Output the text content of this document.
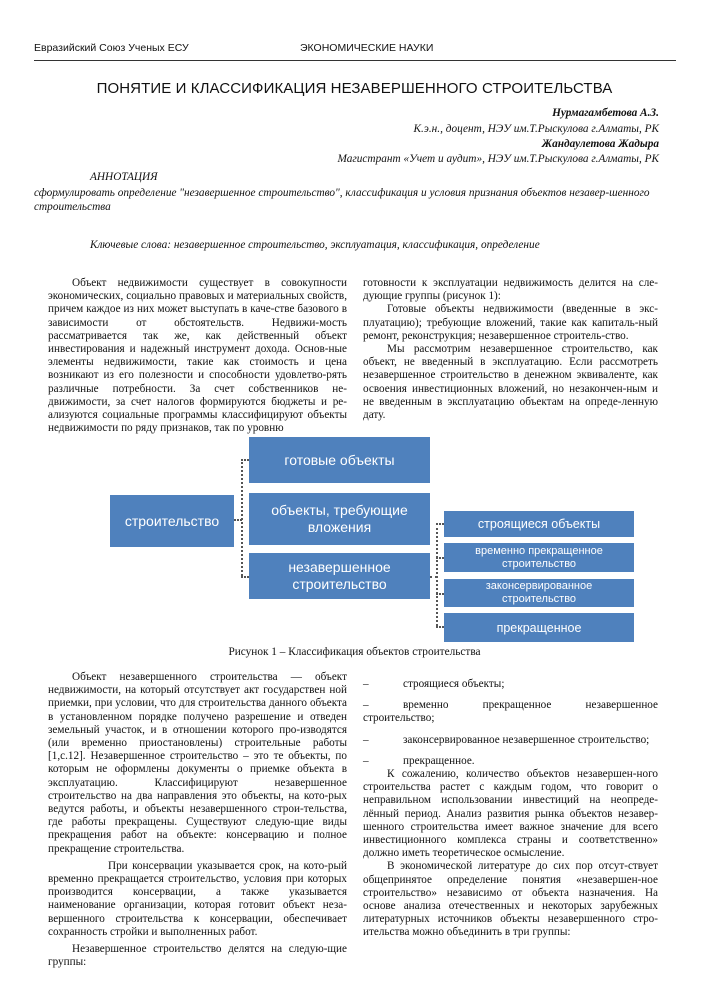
Евразийский Союз Ученых ЕСУ	ЭКОНОМИЧЕСКИЕ НАУКИ
ПОНЯТИЕ И КЛАССИФИКАЦИЯ НЕЗАВЕРШЕННОГО СТРОИТЕЛЬСТВА
Нурмагамбетова А.З.
К.э.н., доцент, НЭУ им.Т.Рыскулова г.Алматы, РК
Жандаулетова Жадыра
Магистрант «Учет и аудит», НЭУ им.Т.Рыскулова г.Алматы, РК
АННОТАЦИЯ
сформулировать определение "незавершенное строительство", классификация и условия признания объектов незавер-шенного строительства
Ключевые слова: незавершенное строительство, эксплуатация, классификация, определение

Объект недвижимости существует в совокупности экономических, социально правовых и материальных свойств, причем каждое из них может выступать в каче-стве базового в зависимости от обстоятельств. Недвижи-мость рассматривается так же, как действенный объект инвестирования и надежный инструмент дохода. Основ-ные элементы недвижимости, такие как стоимость и цена возникают из его полезности и способности удовлетво-рять различные потребности. За счет собственников не-движимости, за счет налогов формируются бюджеты и ре-ализуются социальные программы классифицируют объекты недвижимости по ряду признаков, так по уровню

готовности к эксплуатации недвижимость делится на сле-дующие группы (рисунок 1):

Готовые объекты недвижимости (введенные в экс-плуатацию); требующие вложений, такие как капиталь-ный ремонт, реконструкция; незавершенное строитель-ство.

Мы рассмотрим незавершенное строительство, как объект, не введенный в эксплуатацию. Если рассмотреть незавершенное строительство в денежном эквиваленте, как освоения инвестиционных вложений, но незакончен-ным и не введенным в эксплуатацию объектам на опреде-ленную дату.

строительство
готовые объекты
объекты, требующие вложения
незавершенное строительство
строящиеся объекты
временно прекращенное строительство
законсервированное строительство
прекращенное
Рисунок 1 – Классификация объектов строительства

Объект незавершенного строительства — объект недвижимости, на который отсутствует акт государствен ной приемки, при условии, что для строительства данного объекта в установленном порядке получено разрешение и отведен земельный участок, и в отношении которого про-изводятся (или временно приостановлены) строительные работы [1,с.12]. Незавершенное строительство – это те объекты, по которым не оформлены документы о приемке объекта в эксплуатацию. Классифицируют незавершенное строительство на два направления это объекты, на кото-рых ведутся работы, и объекты незавершенного строи-тельства, где работы прекращены. Существуют следую-щие виды прекращения работ на объекте: консервацию и полное прекращение строительства.

При консервации указывается срок, на кото-рый временно прекращается строительство, условия при которых производится консервации, а также указывается наименование организации, которая готовит объект неза-вершенного строительства к консервации, обеспечивает сохранность стройки и выполненных работ.

Незавершенное строительство делятся на следую-щие группы:

–	строящиеся объекты;

–	временно прекращенное незавершенное строительство;

–	законсервированное незавершенное строительство;

–	прекращенное.

К сожалению, количество объектов незавершен-ного строительства растет с каждым годом, что говорит о неправильном использовании инвестиций на неопреде-лённый период. Анализ развития рынка объектов незавер-шенного строительства имеет важное значение для всего инвестиционного комплекса страны и соответственно» должно иметь теоретическое осмысление.

В экономической литературе до сих пор отсут-ствует общепринятое определение понятия «незавершен-ное строительство» независимо от объекта назначения. На основе анализа отечественных и некоторых зарубежных литературных источников объекты незавершенного стро-ительства можно объединить в три группы:
